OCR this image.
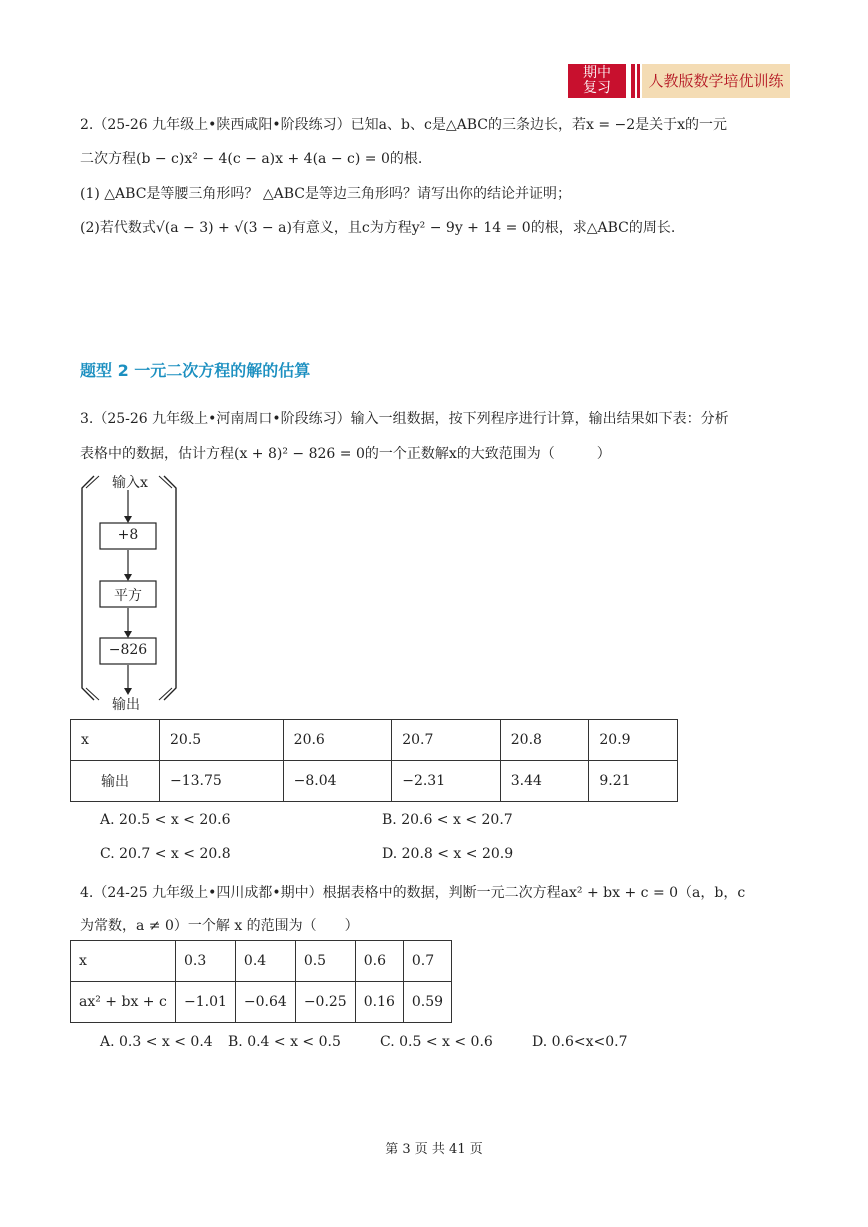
期中
复习	人教版数学培优训练
2.（25-26 九年级上•陕西咸阳•阶段练习）已知a、b、c是△ABC的三条边长，若x = −2是关于x的一元
二次方程(b − c)x² − 4(c − a)x + 4(a − c) = 0的根.
(1) △ABC是等腰三角形吗？ △ABC是等边三角形吗？请写出你的结论并证明；
(2)若代数式√(a − 3) + √(3 − a)有意义，且c为方程y² − 9y + 14 = 0的根，求△ABC的周长.
题型 2 一元二次方程的解的估算
3.（25-26 九年级上•河南周口•阶段练习）输入一组数据，按下列程序进行计算，输出结果如下表：分析
表格中的数据，估计方程(x + 8)² − 826 = 0的一个正数解x的大致范围为（　　　）
输入x
+8
平方
−826
输出
x	20.5	20.6	20.7	20.8	20.9
输出	−13.75	−8.04	−2.31	3.44	9.21
A. 20.5 < x < 20.6	B. 20.6 < x < 20.7
C. 20.7 < x < 20.8	D. 20.8 < x < 20.9
4.（24-25 九年级上•四川成都•期中）根据表格中的数据，判断一元二次方程ax² + bx + c = 0（a，b，c
为常数，a ≠ 0）一个解 x 的范围为（　　）
x	0.3	0.4	0.5	0.6	0.7
ax² + bx + c	−1.01	−0.64	−0.25	0.16	0.59
A. 0.3 < x < 0.4 B. 0.4 < x < 0.5	C. 0.5 < x < 0.6	D. 0.6<x<0.7
第 3 页 共 41 页
